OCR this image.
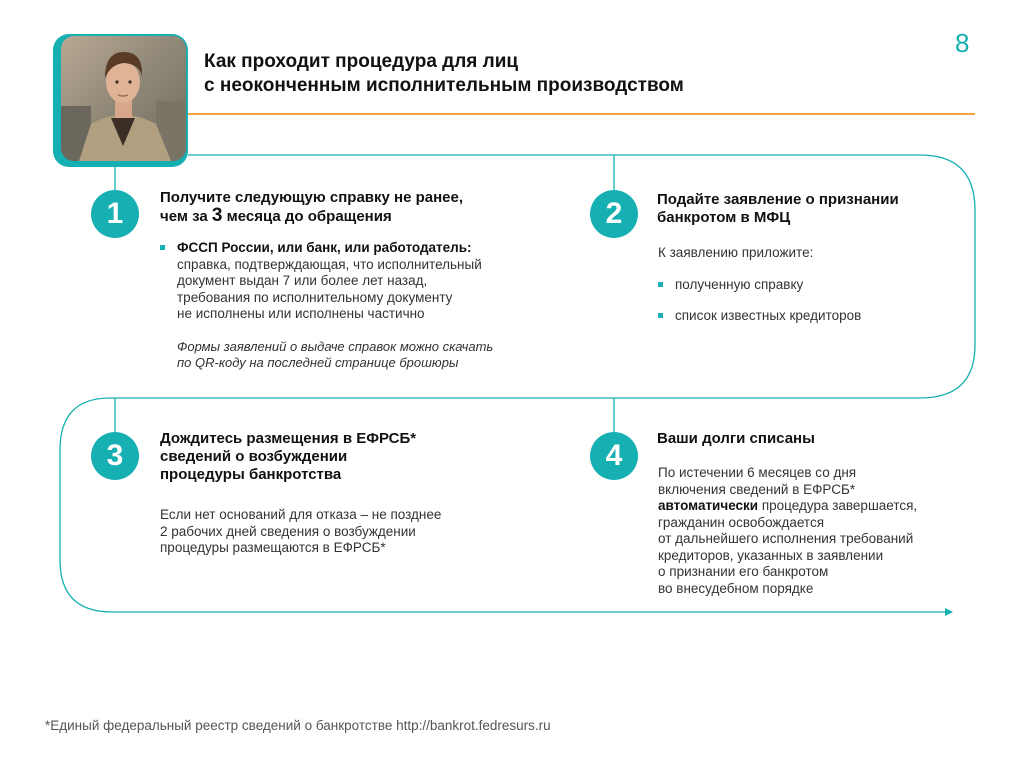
8
Как проходит процедура для лиц
с неоконченным исполнительным производством
1	Получите следующую справку не ранее,
чем за 3 месяца до обращения
ФССП России, или банк, или работодатель:
справка, подтверждающая, что исполнительный
документ выдан 7 или более лет назад,
требования по исполнительному документу
не исполнены или исполнены частично
Формы заявлений о выдаче справок можно скачать
по QR-коду на последней странице брошюры
2	Подайте заявление о признании
банкротом в МФЦ
К заявлению приложите:
полученную справку
список известных кредиторов
3
Дождитесь размещения в ЕФРСБ*
сведений о возбуждении
процедуры банкротства
Если нет оснований для отказа – не позднее
2 рабочих дней сведения о возбуждении
процедуры размещаются в ЕФРСБ*
4
Ваши долги списаны
По истечении 6 месяцев со дня
включения сведений в ЕФРСБ*
автоматически процедура завершается,
гражданин освобождается
от дальнейшего исполнения требований
кредиторов, указанных в заявлении
о признании его банкротом
во внесудебном порядке
*Единый федеральный реестр сведений о банкротстве http://bankrot.fedresurs.ru
